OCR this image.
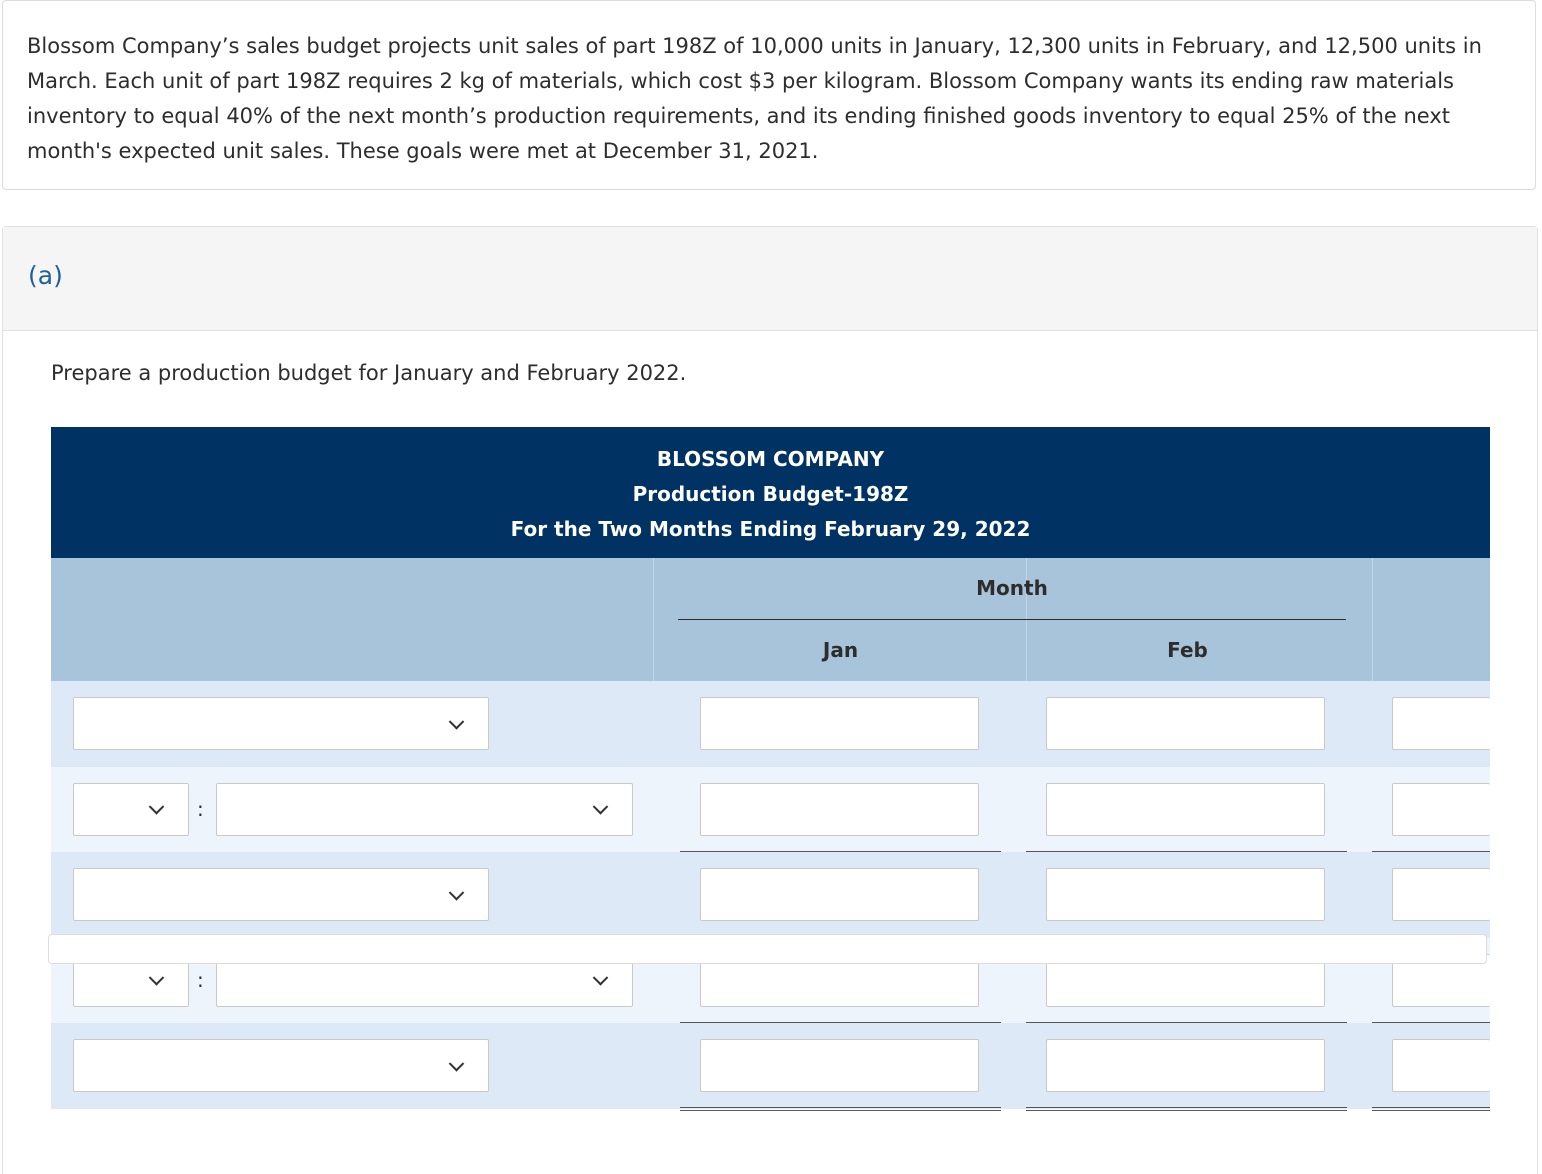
Blossom Company’s sales budget projects unit sales of part 198Z of 10,000 units in January, 12,300 units in February, and 12,500 units in March. Each unit of part 198Z requires 2 kg of materials, which cost $3 per kilogram. Blossom Company wants its ending raw materials inventory to equal 40% of the next month’s production requirements, and its ending finished goods inventory to equal 25% of the next month's expected unit sales. These goals were met at December 31, 2021.

(a)
Prepare a production budget for January and February 2022.
BLOSSOM COMPANY
Production Budget-198Z
For the Two Months Ending February 29, 2022
Month
Jan	Feb
:
:
